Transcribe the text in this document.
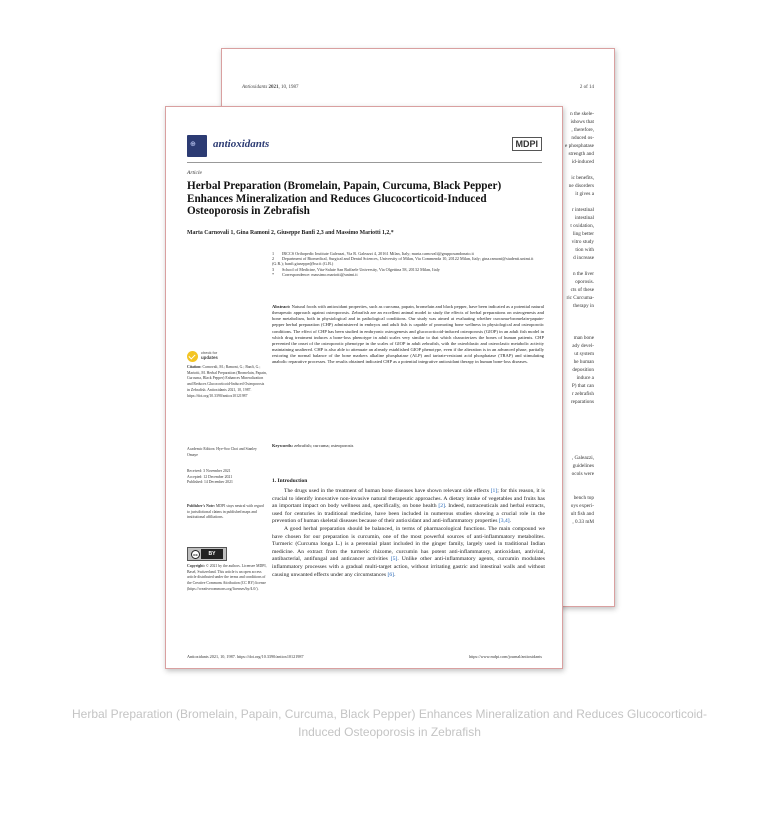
Antioxidants 2021, 10, 1987	2 of 14
n the skele-
ishows that
, therefore,
nduced os-
e phosphatase
strength and
id-induced
ic benefits,
ne disorders
it gives a
r intestinal
intestinal
t oxidation,
ling better
vitro study
tion with
d increase
n the liver
oporosis.
cts of these
ric Curcuma-
therapy in
man bone
ady devel-
ut system
he human
deposition
induce a
P) that can
r zebrafish
reparations
, Galeazzi,
guidelines
ocols were
bench top
oys experi-
ult fish and
, 0.33 mM
⊕ antioxidants	MDPI
Article
Herbal Preparation (Bromelain, Papain, Curcuma, Black Pepper) Enhances Mineralization and Reduces Glucocorticoid-Induced Osteoporosis in Zebrafish
Marta Carnovali 1, Gina Ramoni 2, Giuseppe Banfi 2,3 and Massimo Mariotti 1,2,*
1 IRCCS Orthopedic Institute Galeazzi, Via R. Galeazzi 4, 20161 Milan, Italy; marta.carnovali@grupposandonato.it
2 Department of Biomedical, Surgical and Dental Sciences, University of Milan, Via Commenda 10, 20122 Milan, Italy; gina.ramoni@studenti.unimi.it (G.R.); banfi.giuseppe@hsr.it (G.B.)
3 School of Medicine, Vita-Salute San Raffaele University, Via Olgettina 58, 20132 Milan, Italy
* Correspondence: massimo.mariotti@unimi.it
Abstract: Natural foods with antioxidant properties, such as curcuma, papain, bromelain and black pepper, have been indicated as a potential natural therapeutic approach against osteoporosis. Zebrafish are an excellent animal model to study the effects of herbal preparations on osteogenesis and bone metabolism, both in physiological and in pathological conditions. Our study was aimed at evaluating whether curcuma-bromelain-papain-pepper herbal preparation (CHP) administered in embryos and adult fish is capable of promoting bone wellness in physiological and osteoporotic conditions. The effect of CHP has been studied in embryonic osteogenesis and glucocorticoid-induced osteoporosis (GIOP) in an adult fish model in which drug treatment induces a bone-loss phenotype in adult scales very similar to that which characterizes the bones of human patients. CHP prevented the onset of the osteoporotic phenotype in the scales of GIOP in adult zebrafish, with the osteoblastic and osteoclastic metabolic activity maintaining unaltered. CHP is also able to attenuate an already established GIOP phenotype, even if the alteration is in an advanced phase, partially restoring the normal balance of the bone markers alkaline phosphatase (ALP) and tartrate-resistant acid phosphatase (TRAP) and stimulating anabolic reparative processes. The results obtained indicated CHP as a potential integrative antioxidant therapy in human bone-loss diseases.
Keywords: zebrafish; curcuma; osteoporosis
1. Introduction

The drugs used in the treatment of human bone diseases have shown relevant side effects [1]; for this reason, it is crucial to identify innovative non-invasive natural therapeutic approaches. A dietary intake of vegetables and fruits has an important impact on body wellness and, specifically, on bone health [2]. Indeed, nutraceuticals and herbal extracts, used for centuries in traditional medicine, have been included in numerous studies showing a crucial role in the prevention of human skeletal diseases because of their antioxidant and anti-inflammatory properties [3,4].

A good herbal preparation should be balanced, in terms of pharmacological functions. The main compound we have chosen for our preparation is curcumin, one of the most powerful sources of anti-inflammatory metabolites. Turmeric (Curcuma longa L.) is a perennial plant included in the ginger family, largely used in traditional Indian medicine. An extract from the turmeric rhizome, curcumin has potent anti-inflammatory, antioxidant, antiviral, antibacterial, antifungal and anticancer activities [5]. Unlike other anti-inflammatory agents, curcumin modulates inflammatory processes with a gradual multi-target action, without irritating gastric and intestinal walls and without causing unwanted effects under any circumstances [6].

check for
updates
Citation: Carnovali, M.; Ramoni, G.; Banfi, G.; Mariotti, M. Herbal Preparation (Bromelain, Papain, Curcuma, Black Pepper) Enhances Mineralization and Reduces Glucocorticoid-Induced Osteoporosis in Zebrafish. Antioxidants 2021, 10, 1987. https://doi.org/10.3390/antiox10121987
Academic Editors: Hye-Soo Choi and Stanley Omaye
Received: 3 November 2021
Accepted: 12 December 2021
Published: 14 December 2021
Publisher's Note: MDPI stays neutral with regard to jurisdictional claims in published maps and institutional affiliations.
cc	BY
Copyright: © 2021 by the authors. Licensee MDPI, Basel, Switzerland. This article is an open access article distributed under the terms and conditions of the Creative Commons Attribution (CC BY) license (https://creativecommons.org/licenses/by/4.0/).
Antioxidants 2021, 10, 1987. https://doi.org/10.3390/antiox10121987	https://www.mdpi.com/journal/antioxidants
Herbal Preparation (Bromelain, Papain, Curcuma, Black Pepper) Enhances Mineralization and Reduces Glucocorticoid-Induced Osteoporosis in Zebrafish
